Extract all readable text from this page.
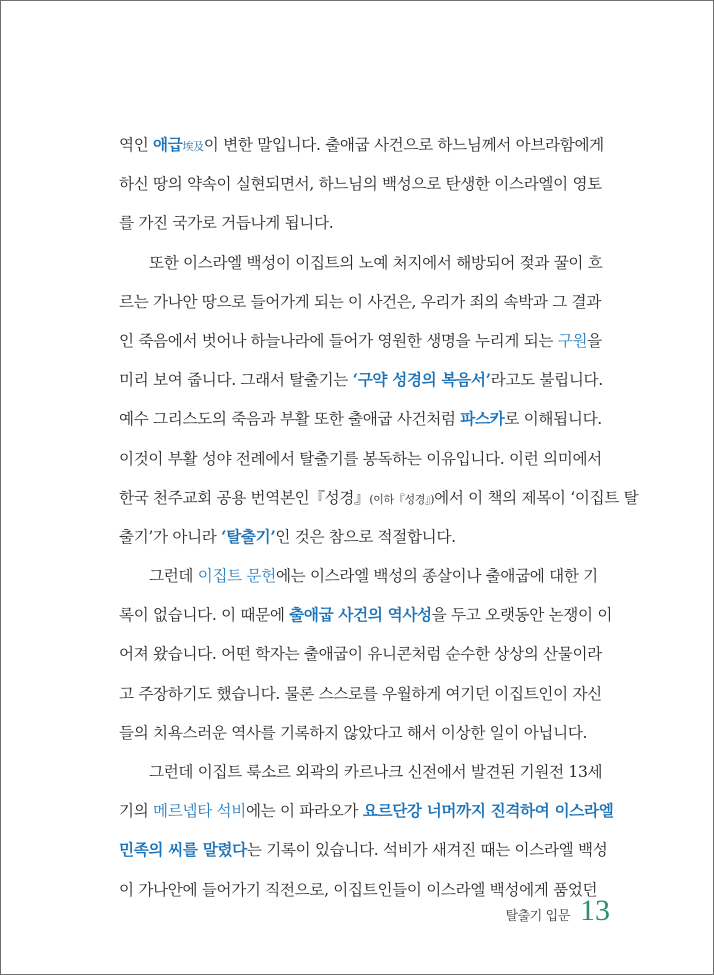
역인 애급埃及이 변한 말입니다. 출애굽 사건으로 하느님께서 아브라함에게
하신 땅의 약속이 실현되면서, 하느님의 백성으로 탄생한 이스라엘이 영토
를 가진 국가로 거듭나게 됩니다.
또한 이스라엘 백성이 이집트의 노예 처지에서 해방되어 젖과 꿀이 흐
르는 가나안 땅으로 들어가게 되는 이 사건은, 우리가 죄의 속박과 그 결과
인 죽음에서 벗어나 하늘나라에 들어가 영원한 생명을 누리게 되는 구원을
미리 보여 줍니다. 그래서 탈출기는 ‘구약 성경의 복음서’라고도 불립니다.
예수 그리스도의 죽음과 부활 또한 출애굽 사건처럼 파스카로 이해됩니다.
이것이 부활 성야 전례에서 탈출기를 봉독하는 이유입니다. 이런 의미에서
한국 천주교회 공용 번역본인『성경』(이하『성경』)에서 이 책의 제목이 ‘이집트 탈
출기’가 아니라 ‘탈출기’인 것은 참으로 적절합니다.
그런데 이집트 문헌에는 이스라엘 백성의 종살이나 출애굽에 대한 기
록이 없습니다. 이 때문에 출애굽 사건의 역사성을 두고 오랫동안 논쟁이 이
어져 왔습니다. 어떤 학자는 출애굽이 유니콘처럼 순수한 상상의 산물이라
고 주장하기도 했습니다. 물론 스스로를 우월하게 여기던 이집트인이 자신
들의 치욕스러운 역사를 기록하지 않았다고 해서 이상한 일이 아닙니다.
그런데 이집트 룩소르 외곽의 카르나크 신전에서 발견된 기원전 13세
기의 메르넵타 석비에는 이 파라오가 요르단강 너머까지 진격하여 이스라엘
민족의 씨를 말렸다는 기록이 있습니다. 석비가 새겨진 때는 이스라엘 백성
이 가나안에 들어가기 직전으로, 이집트인들이 이스라엘 백성에게 품었던
탈출기 입문 13
